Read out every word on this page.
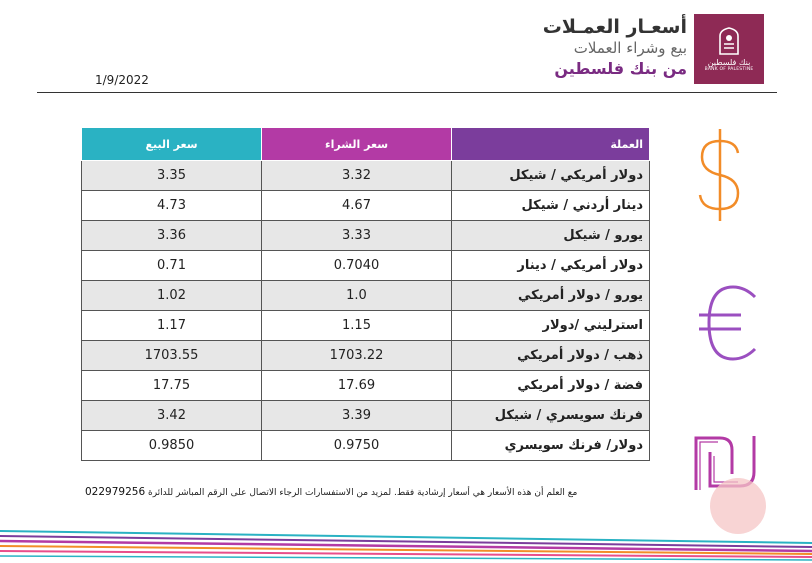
بنك فلسطين
BANK OF PALESTINE
أسعـار العمـلات
بيع وشراء العملات
من بنك فلسطين
1/9/2022
سعر البيع	سعر الشراء	العملة
3.35	3.32	دولار أمريكي / شيكل
4.73	4.67	دينار أردني / شيكل
3.36	3.33	يورو / شيكل
0.71	0.7040	دولار أمريكي / دينار
1.02	1.0	يورو / دولار أمريكي
1.17	1.15	استرليني /دولار
1703.55	1703.22	ذهب / دولار أمريكي
17.75	17.69	فضة / دولار أمريكي
3.42	3.39	فرنك سويسري / شيكل
0.9850	0.9750	دولار/ فرنك سويسري
022979256 مع العلم أن هذه الأسعار هي أسعار إرشادية فقط. لمزيد من الاستفسارات الرجاء الاتصال على الرقم المباشر للدائرة
